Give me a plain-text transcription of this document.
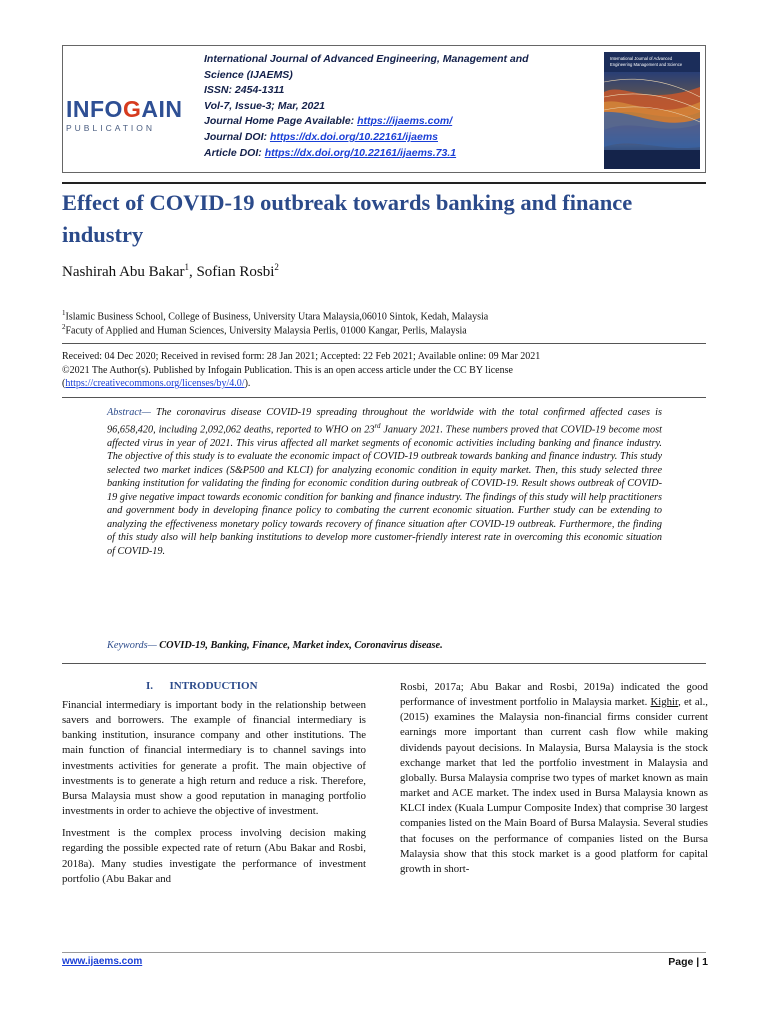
INFOGAIN
PUBLICATION
International Journal of Advanced Engineering, Management and
Science (IJAEMS)
ISSN: 2454-1311
Vol-7, Issue-3; Mar, 2021
Journal Home Page Available: https://ijaems.com/
Journal DOI: https://dx.doi.org/10.22161/ijaems
Article DOI: https://dx.doi.org/10.22161/ijaems.73.1
International Journal of Advanced
Engineering Management and Science
Effect of COVID-19 outbreak towards banking and finance industry
Nashirah Abu Bakar$^1$, Sofian Rosbi$^2$
$^1$Islamic Business School, College of Business, University Utara Malaysia,06010 Sintok, Kedah, Malaysia
$^2$Facuty of Applied and Human Sciences, University Malaysia Perlis, 01000 Kangar, Perlis, Malaysia
Received: 04 Dec 2020; Received in revised form: 28 Jan 2021; Accepted: 22 Feb 2021; Available online: 09 Mar 2021
©2021 The Author(s). Published by Infogain Publication. This is an open access article under the CC BY license
(https://creativecommons.org/licenses/by/4.0/).
Abstract— The coronavirus disease COVID-19 spreading throughout the worldwide with the total confirmed affected cases is 96,658,420, including 2,092,062 deaths, reported to WHO on 23rd January 2021. These numbers proved that COVID-19 become most affected virus in year of 2021. This virus affected all market segments of economic activities including banking and finance industry. The objective of this study is to evaluate the economic impact of COVID-19 outbreak towards banking and finance industry. This study selected two market indices (S&P500 and KLCI) for analyzing economic condition in equity market. Then, this study selected three banking institution for validating the finding for economic condition during outbreak of COVID-19. Result shows outbreak of COVID-19 give negative impact towards economic condition for banking and finance industry. The findings of this study will help practitioners and government body in developing finance policy to combating the current economic situation. Further study can be extending to analyzing the effectiveness monetary policy towards recovery of finance situation after COVID-19 outbreak. Furthermore, the finding of this study also will help banking institutions to develop more customer-friendly interest rate in overcoming this economic situation of COVID-19.
Keywords— COVID-19, Banking, Finance, Market index, Coronavirus disease.
I.      INTRODUCTION

Financial intermediary is important body in the relationship between savers and borrowers. The example of financial intermediary is banking institution, insurance company and other institutions. The main function of financial intermediary is to channel savings into investments activities for generate a profit. The main objective of investments is to generate a high return and reduce a risk. Therefore, Bursa Malaysia must show a good reputation in managing portfolio investments in order to achieve the objective of investment.

Investment is the complex process involving decision making regarding the possible expected rate of return (Abu Bakar and Rosbi, 2018a). Many studies investigate the performance of investment portfolio (Abu Bakar and

Rosbi, 2017a; Abu Bakar and Rosbi, 2019a) indicated the good performance of investment portfolio in Malaysia market. Kighir, et al., (2015) examines the Malaysia non-financial firms consider current earnings more important than current cash flow while making dividends payout decisions. In Malaysia, Bursa Malaysia is the stock exchange market that led the portfolio investment in Malaysia and globally. Bursa Malaysia comprise two types of market known as main market and ACE market. The index used in Bursa Malaysia known as KLCI index (Kuala Lumpur Composite Index) that comprise 30 largest companies listed on the Main Board of Bursa Malaysia. Several studies that focuses on the performance of companies listed on the Bursa Malaysia show that this stock market is a good platform for capital growth in short-

www.ijaems.com	Page | 1
